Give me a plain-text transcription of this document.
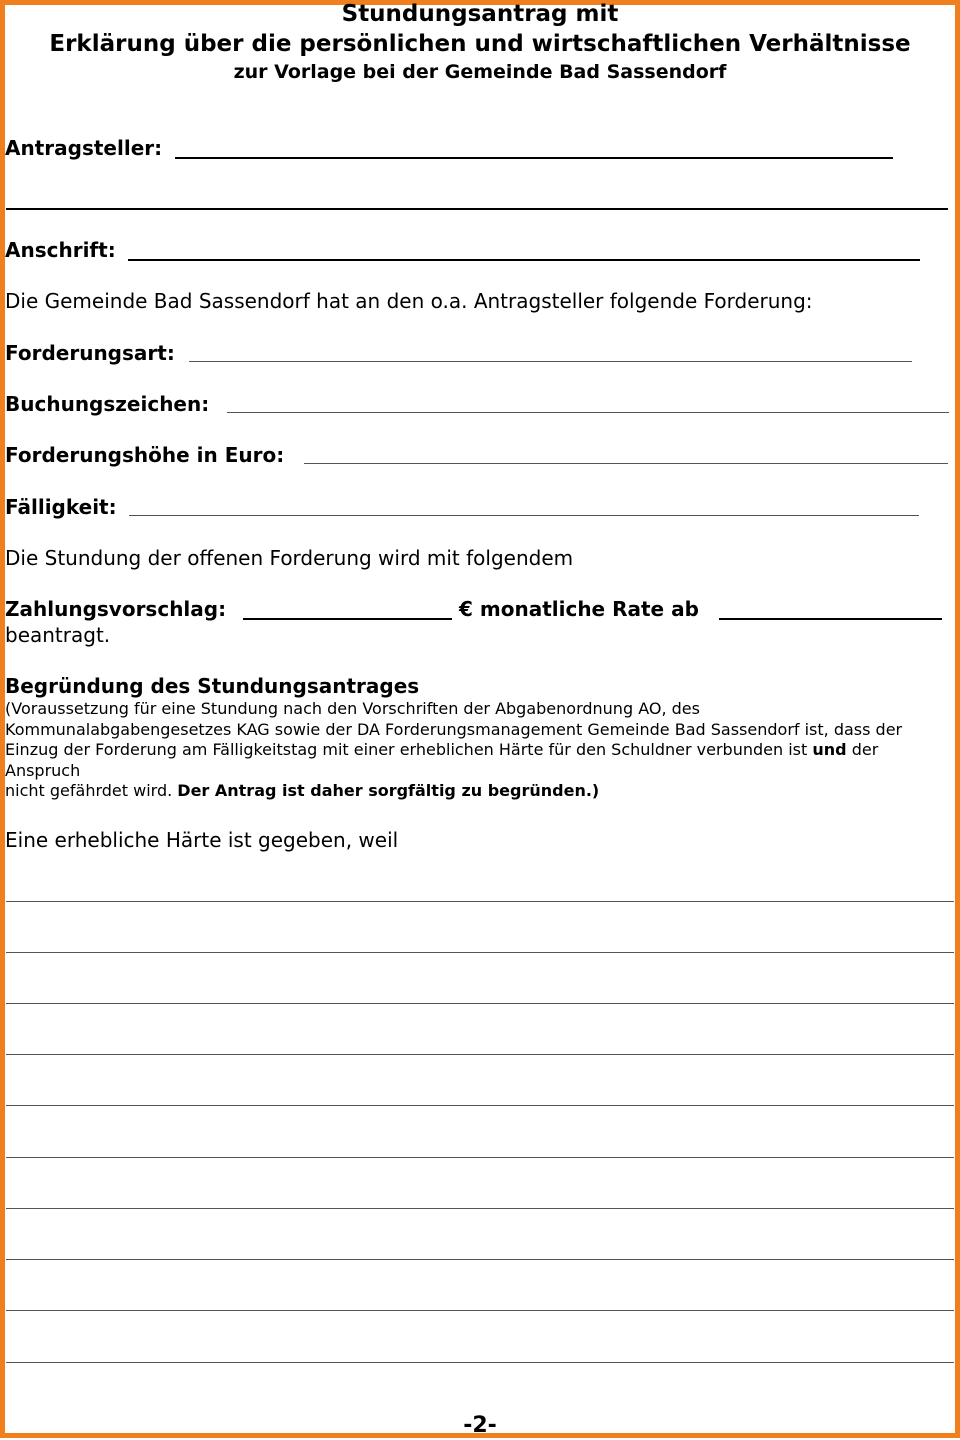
Stundungsantrag mit
Erklärung über die persönlichen und wirtschaftlichen Verhältnisse
zur Vorlage bei der Gemeinde Bad Sassendorf
Antragsteller:
Anschrift:
Die Gemeinde Bad Sassendorf hat an den o.a. Antragsteller folgende Forderung:
Forderungsart:
Buchungszeichen:
Forderungshöhe in Euro:
Fälligkeit:
Die Stundung der offenen Forderung wird mit folgendem
Zahlungsvorschlag:	€ monatliche Rate ab
beantragt.
Begründung des Stundungsantrages
(Voraussetzung für eine Stundung nach den Vorschriften der Abgabenordnung AO, des
Kommunalabgabengesetzes KAG sowie der DA Forderungsmanagement Gemeinde Bad Sassendorf ist, dass der
Einzug der Forderung am Fälligkeitstag mit einer erheblichen Härte für den Schuldner verbunden ist und der
Anspruch
nicht gefährdet wird. Der Antrag ist daher sorgfältig zu begründen.)
Eine erhebliche Härte ist gegeben, weil
-2-
